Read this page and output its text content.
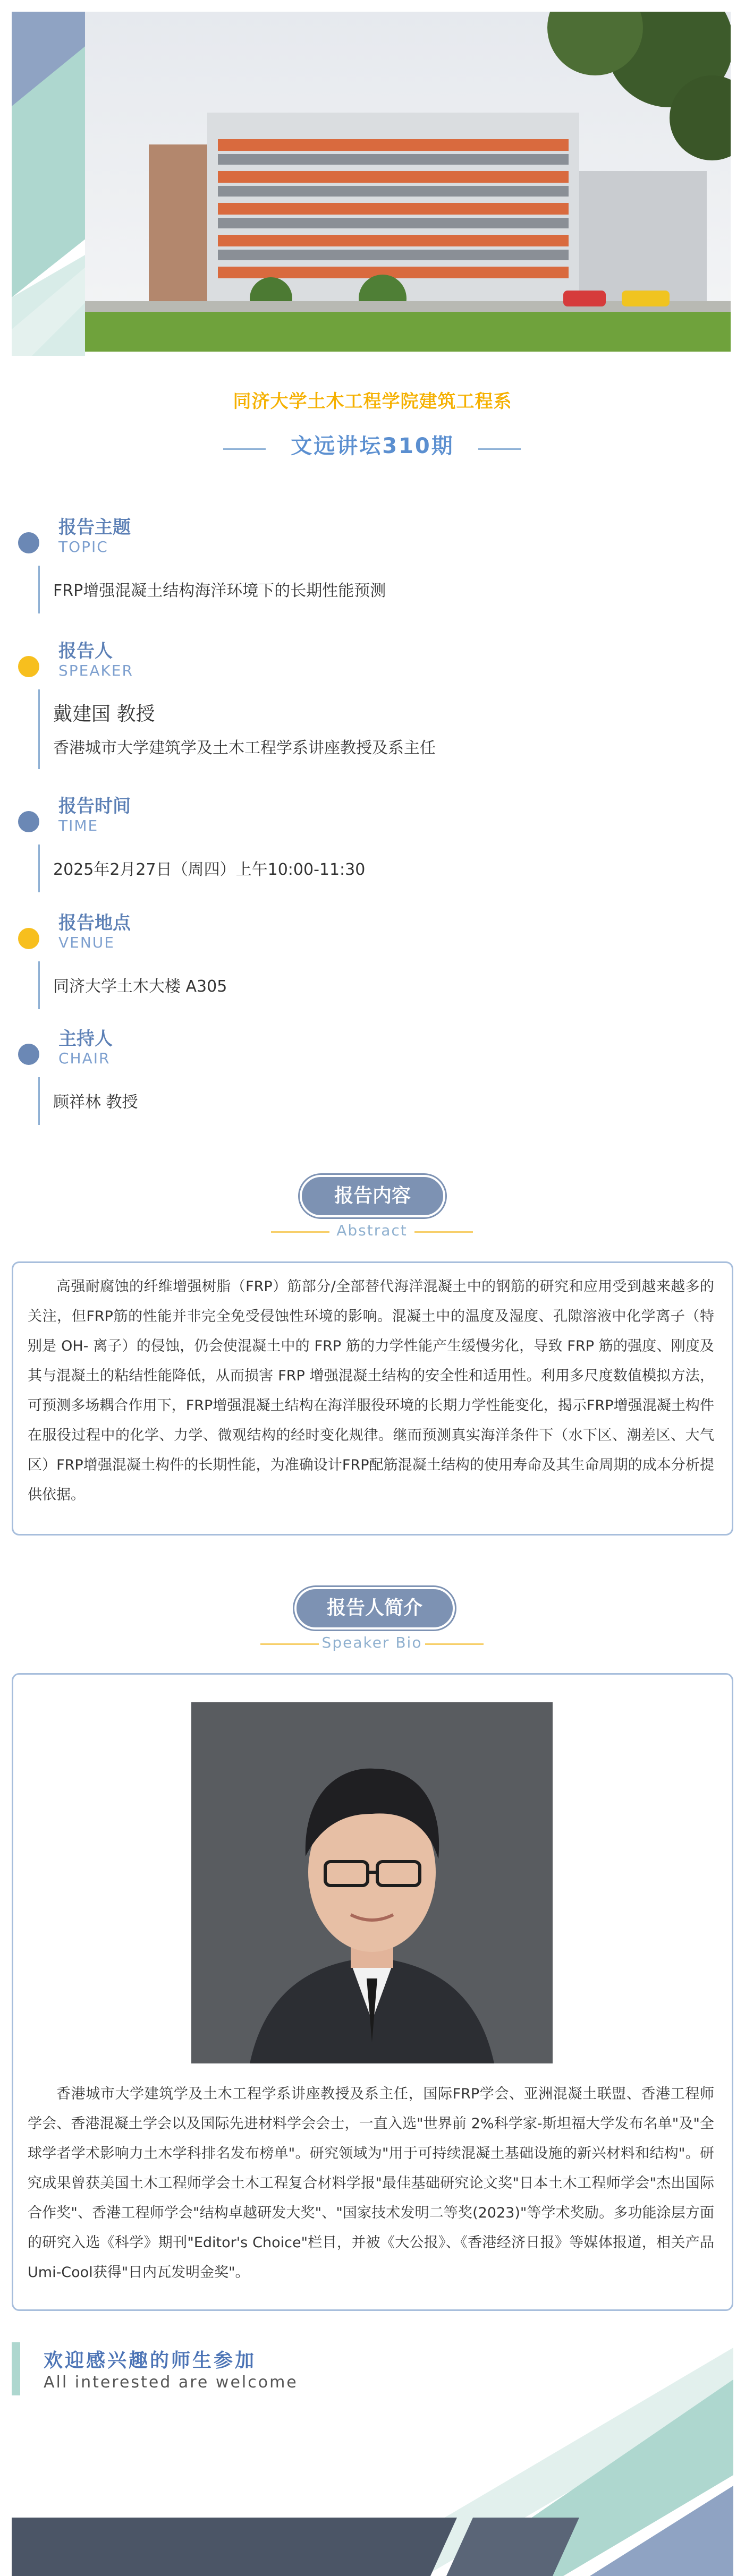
同济大学土木工程学院建筑工程系
文远讲坛310期
报告主题
TOPIC
FRP增强混凝土结构海洋环境下的长期性能预测
报告人
SPEAKER
戴建国 教授
香港城市大学建筑学及土木工程学系讲座教授及系主任
报告时间
TIME
2025年2月27日（周四）上午10:00-11:30
报告地点
VENUE
同济大学土木大楼 A305
主持人
CHAIR
顾祥林 教授
报告内容
Abstract
高强耐腐蚀的纤维增强树脂（FRP）筋部分/全部替代海洋混凝土中的钢筋的研究和应用受到越来越多的关注，但FRP筋的性能并非完全免受侵蚀性环境的影响。混凝土中的温度及湿度、孔隙溶液中化学离子（特别是 OH- 离子）的侵蚀，仍会使混凝土中的 FRP 筋的力学性能产生缓慢劣化，导致 FRP 筋的强度、刚度及其与混凝土的粘结性能降低，从而损害 FRP 增强混凝土结构的安全性和适用性。利用多尺度数值模拟方法，可预测多场耦合作用下，FRP增强混凝土结构在海洋服役环境的长期力学性能变化，揭示FRP增强混凝土构件在服役过程中的化学、力学、微观结构的经时变化规律。继而预测真实海洋条件下（水下区、潮差区、大气区）FRP增强混凝土构件的长期性能，为准确设计FRP配筋混凝土结构的使用寿命及其生命周期的成本分析提供依据。
报告人简介
Speaker Bio
香港城市大学建筑学及土木工程学系讲座教授及系主任，国际FRP学会、亚洲混凝土联盟、香港工程师学会、香港混凝土学会以及国际先进材料学会会士，一直入选"世界前 2%科学家-斯坦福大学发布名单"及"全球学者学术影响力土木学科排名发布榜单"。研究领域为"用于可持续混凝土基础设施的新兴材料和结构"。研究成果曾获美国土木工程师学会土木工程复合材料学报"最佳基础研究论文奖"日本土木工程师学会"杰出国际合作奖"、香港工程师学会"结构卓越研发大奖"、"国家技术发明二等奖(2023)"等学术奖励。多功能涂层方面的研究入选《科学》期刊"Editor's Choice"栏目，并被《大公报》、《香港经济日报》等媒体报道，相关产品Umi-Cool获得"日内瓦发明金奖"。
欢迎感兴趣的师生参加
All interested are welcome
